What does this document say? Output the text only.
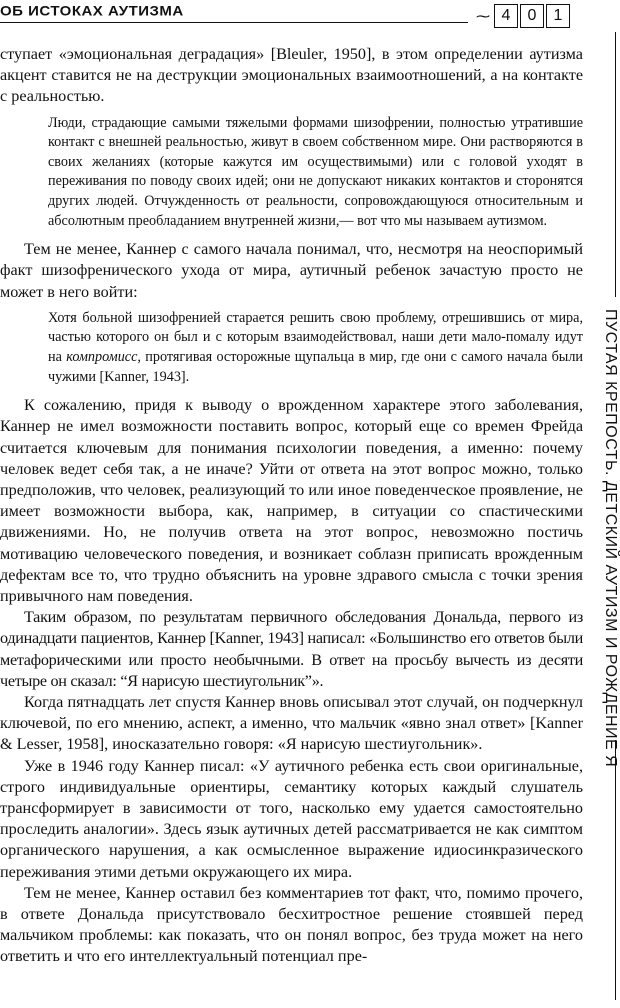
ОБ ИСТОКАХ АУТИЗМА	⁓ 4	0	1
ПУСТАЯ КРЕПОСТЬ. ДЕТСКИЙ АУТИЗМ И РОЖДЕНИЕ Я

ступает «эмоциональная деградация» [Bleuler, 1950], в этом определении аутизма акцент ставится не на деструкции эмоциональных взаимоотношений, а на контакте с реальностью.

Люди, страдающие самыми тяжелыми формами шизофрении, полностью утратившие контакт с внешней реальностью, живут в своем собственном мире. Они растворяются в своих желаниях (которые кажутся им осуществимыми) или с головой уходят в переживания по поводу своих идей; они не допускают никаких контактов и сторонятся других людей. Отчужденность от реальности, сопровождающуюся относительным и абсолютным преобладанием внутренней жизни,— вот что мы называем аутизмом.

Тем не менее, Каннер с самого начала понимал, что, несмотря на неоспоримый факт шизофренического ухода от мира, аутичный ребенок зачастую просто не может в него войти:

Хотя больной шизофренией старается решить свою проблему, отрешившись от мира, частью которого он был и с которым взаимодействовал, наши дети мало-помалу идут на компромисс, протягивая осторожные щупальца в мир, где они с самого начала были чужими [Kanner, 1943].

К сожалению, придя к выводу о врожденном характере этого заболевания, Каннер не имел возможности поставить вопрос, который еще со времен Фрейда считается ключевым для понимания психологии поведения, а именно: почему человек ведет себя так, а не иначе? Уйти от ответа на этот вопрос можно, только предположив, что человек, реализующий то или иное поведенческое проявление, не имеет возможности выбора, как, например, в ситуации со спастическими движениями. Но, не получив ответа на этот вопрос, невозможно постичь мотивацию человеческого поведения, и возникает соблазн приписать врожденным дефектам все то, что трудно объяснить на уровне здравого смысла с точки зрения привычного нам поведения.

Таким образом, по результатам первичного обследования Дональда, первого из одинадцати пациентов, Каннер [Kanner, 1943] написал: «Большинство его ответов были метафорическими или просто необычными. В ответ на просьбу вычесть из десяти четыре он сказал: “Я нарисую шестиугольник”».

Когда пятнадцать лет спустя Каннер вновь описывал этот случай, он подчеркнул ключевой, по его мнению, аспект, а именно, что мальчик «явно знал ответ» [Kanner & Lesser, 1958], иносказательно говоря: «Я нарисую шестиугольник».

Уже в 1946 году Каннер писал: «У аутичного ребенка есть свои оригинальные, строго индивидуальные ориентиры, семантику которых каждый слушатель трансформирует в зависимости от того, насколько ему удается самостоятельно проследить аналогии». Здесь язык аутичных детей рассматривается не как симптом органического нарушения, а как осмысленное выражение идиосинкразического переживания этими детьми окружающего их мира.

Тем не менее, Каннер оставил без комментариев тот факт, что, помимо прочего, в ответе Дональда присутствовало бесхитростное решение стоявшей перед мальчиком проблемы: как показать, что он понял вопрос, без труда может на него ответить и что его интеллектуальный потенциал пре-
